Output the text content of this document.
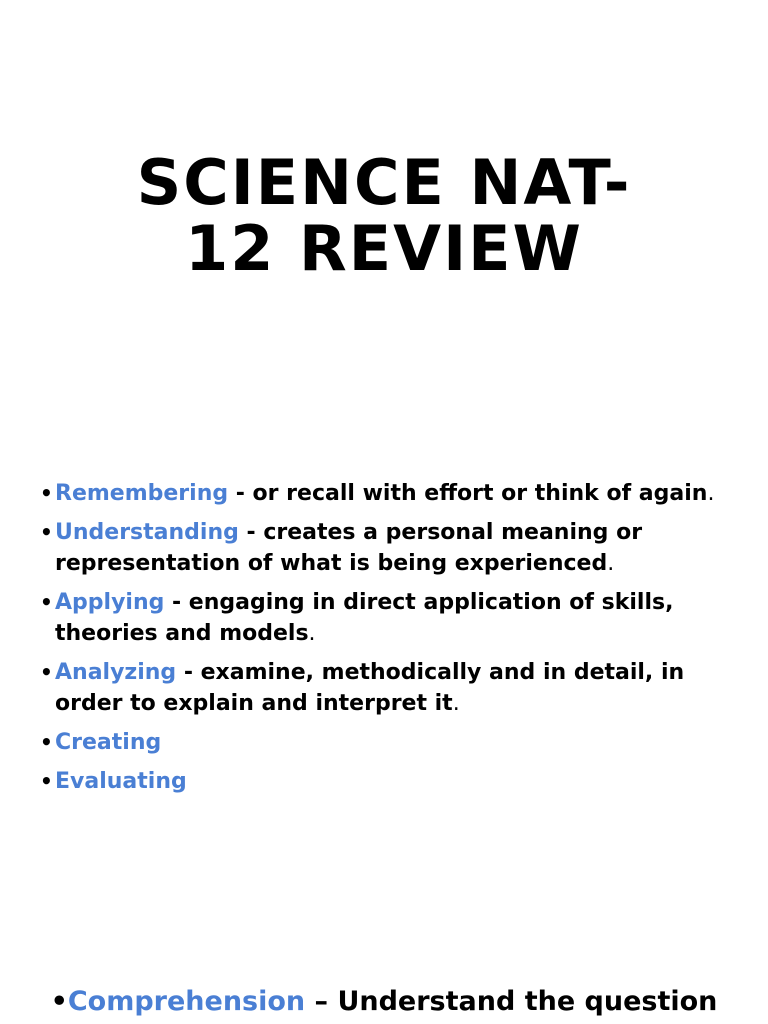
SCIENCE NAT-
12 REVIEW
• Remembering - or recall with effort or think of again.
• Understanding - creates a personal meaning or representation of what is being experienced.
• Applying - engaging in direct application of skills, theories and models.
• Analyzing - examine, methodically and in detail, in order to explain and interpret it.
• Creating
• Evaluating
•Comprehension – Understand the question
